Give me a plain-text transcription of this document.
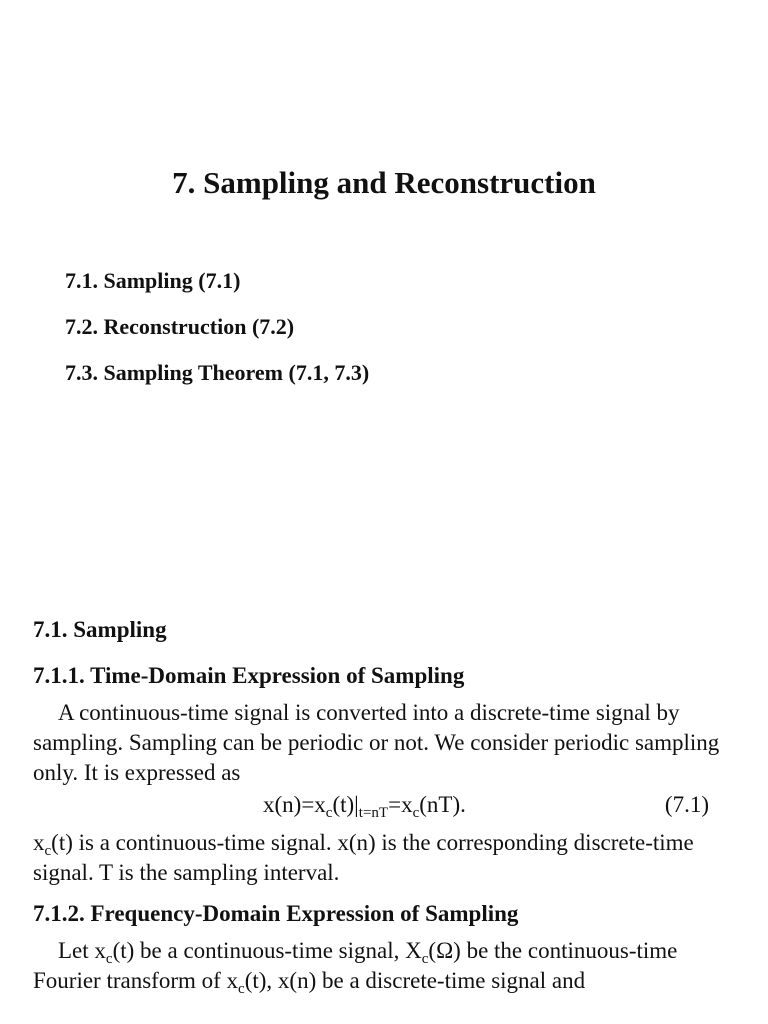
7. Sampling and Reconstruction
7.1. Sampling (7.1)
7.2. Reconstruction (7.2)
7.3. Sampling Theorem (7.1, 7.3)
7.1. Sampling
7.1.1. Time-Domain Expression of Sampling

A continuous-time signal is converted into a discrete-time signal by sampling. Sampling can be periodic or not. We consider periodic sampling only. It is expressed as

$x(n)=x_c(t)|_{t=nT}=x_c(nT)$.	(7.1)

$x_c(t)$ is a continuous-time signal. x(n) is the corresponding discrete-time signal. T is the sampling interval.

7.1.2. Frequency-Domain Expression of Sampling

Let $x_c(t)$ be a continuous-time signal, $X_c(\Omega)$ be the continuous-time Fourier transform of $x_c(t)$, x(n) be a discrete-time signal and
